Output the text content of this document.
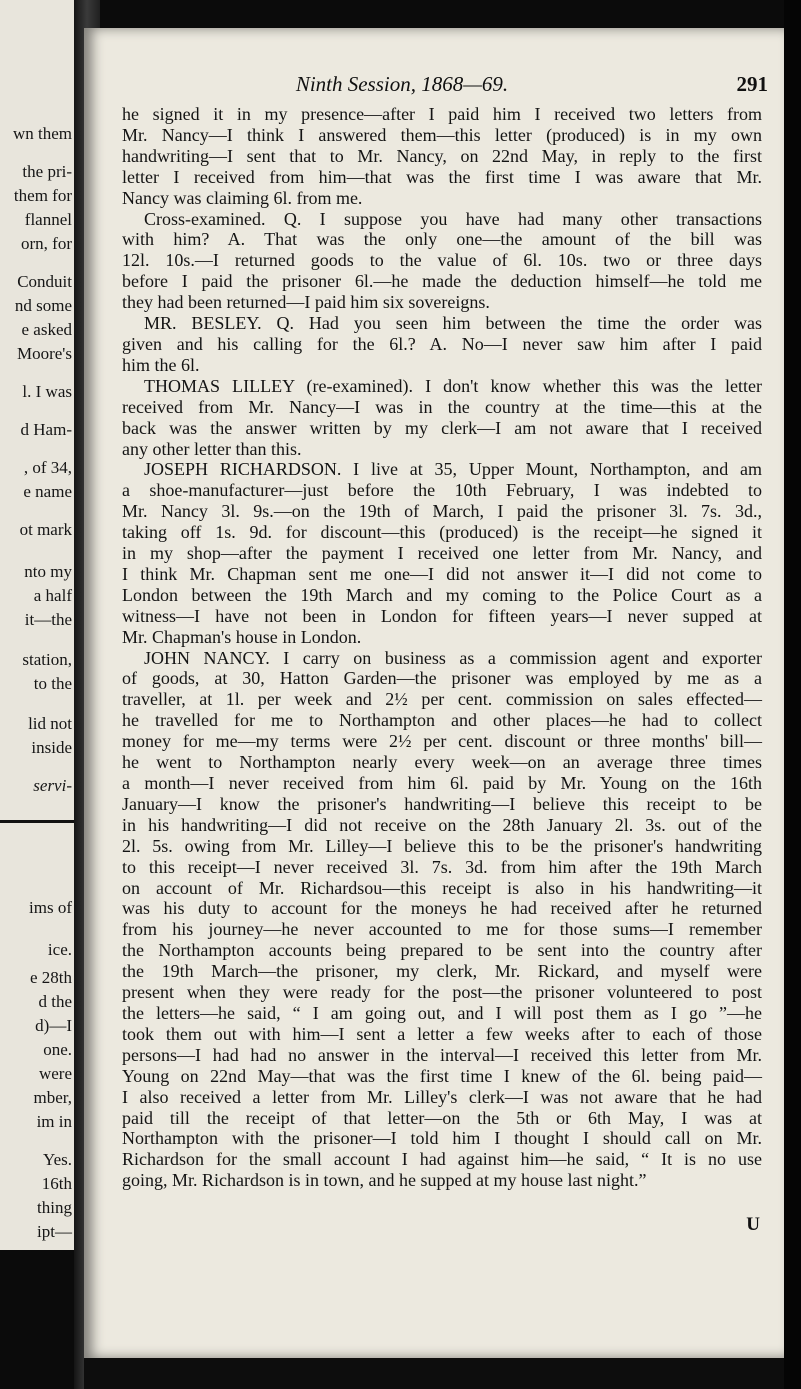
wn them
the pri-
them for
flannel
orn, for
Conduit
nd some
e asked
Moore's
l. I was
d Ham-
, of 34,
e name
ot mark
nto my
a half
it—the
station,
to the
lid not
inside
servi-
ims of
ice.
e 28th
d the
d)—I
one.
were
mber,
im in
Yes.
16th
thing
ipt—
Ninth Session, 1868—69.	291
he signed it in my presence—after I paid him I received two letters from
Mr. Nancy—I think I answered them—this letter (produced) is in my own
handwriting—I sent that to Mr. Nancy, on 22nd May, in reply to the first
letter I received from him—that was the first time I was aware that Mr.
Nancy was claiming 6l. from me.
Cross-examined. Q. I suppose you have had many other transactions
with him? A. That was the only one—the amount of the bill was
12l. 10s.—I returned goods to the value of 6l. 10s. two or three days
before I paid the prisoner 6l.—he made the deduction himself—he told me
they had been returned—I paid him six sovereigns.
MR. BESLEY. Q. Had you seen him between the time the order was
given and his calling for the 6l.? A. No—I never saw him after I paid
him the 6l.
THOMAS LILLEY (re-examined). I don't know whether this was the letter
received from Mr. Nancy—I was in the country at the time—this at the
back was the answer written by my clerk—I am not aware that I received
any other letter than this.
JOSEPH RICHARDSON. I live at 35, Upper Mount, Northampton, and am
a shoe-manufacturer—just before the 10th February, I was indebted to
Mr. Nancy 3l. 9s.—on the 19th of March, I paid the prisoner 3l. 7s. 3d.,
taking off 1s. 9d. for discount—this (produced) is the receipt—he signed it
in my shop—after the payment I received one letter from Mr. Nancy, and
I think Mr. Chapman sent me one—I did not answer it—I did not come to
London between the 19th March and my coming to the Police Court as a
witness—I have not been in London for fifteen years—I never supped at
Mr. Chapman's house in London.
JOHN NANCY. I carry on business as a commission agent and exporter
of goods, at 30, Hatton Garden—the prisoner was employed by me as a
traveller, at 1l. per week and 2½ per cent. commission on sales effected—
he travelled for me to Northampton and other places—he had to collect
money for me—my terms were 2½ per cent. discount or three months' bill—
he went to Northampton nearly every week—on an average three times
a month—I never received from him 6l. paid by Mr. Young on the 16th
January—I know the prisoner's handwriting—I believe this receipt to be
in his handwriting—I did not receive on the 28th January 2l. 3s. out of the
2l. 5s. owing from Mr. Lilley—I believe this to be the prisoner's handwriting
to this receipt—I never received 3l. 7s. 3d. from him after the 19th March
on account of Mr. Richardsou—this receipt is also in his handwriting—it
was his duty to account for the moneys he had received after he returned
from his journey—he never accounted to me for those sums—I remember
the Northampton accounts being prepared to be sent into the country after
the 19th March—the prisoner, my clerk, Mr. Rickard, and myself were
present when they were ready for the post—the prisoner volunteered to post
the letters—he said, “ I am going out, and I will post them as I go ”—he
took them out with him—I sent a letter a few weeks after to each of those
persons—I had had no answer in the interval—I received this letter from Mr.
Young on 22nd May—that was the first time I knew of the 6l. being paid—
I also received a letter from Mr. Lilley's clerk—I was not aware that he had
paid till the receipt of that letter—on the 5th or 6th May, I was at
Northampton with the prisoner—I told him I thought I should call on Mr.
Richardson for the small account I had against him—he said, “ It is no use
going, Mr. Richardson is in town, and he supped at my house last night.”
U
